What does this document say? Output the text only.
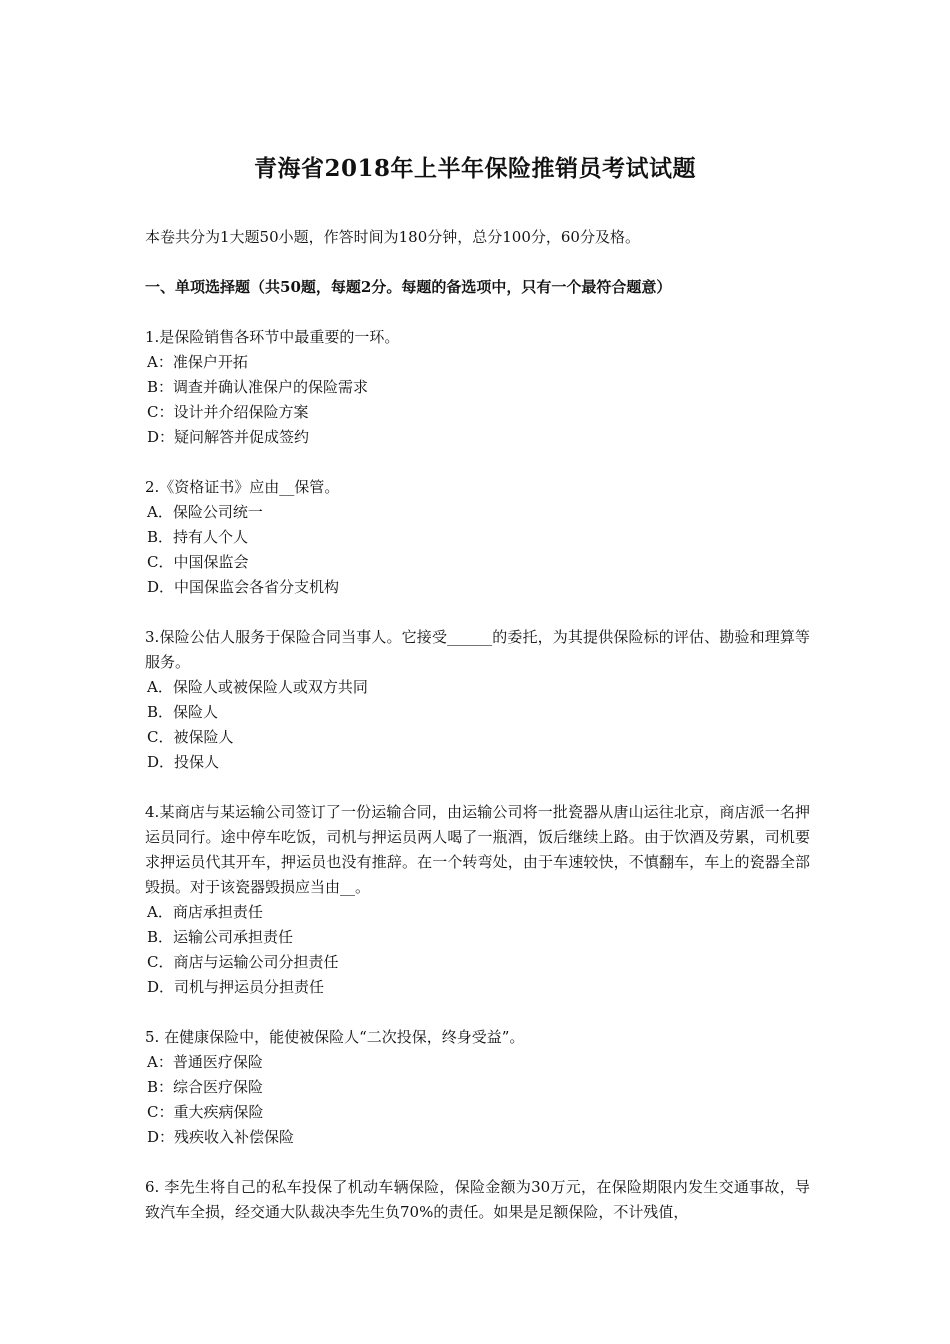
青海省2018年上半年保险推销员考试试题
本卷共分为1大题50小题，作答时间为180分钟，总分100分，60分及格。
一、单项选择题（共50题，每题2分。每题的备选项中，只有一个最符合题意）
1.是保险销售各环节中最重要的一环。
A：准保户开拓
B：调查并确认准保户的保险需求
C：设计并介绍保险方案
D：疑问解答并促成签约
2.《资格证书》应由__保管。
A．保险公司统一
B．持有人个人
C．中国保监会
D．中国保监会各省分支机构
3.保险公估人服务于保险合同当事人。它接受______的委托，为其提供保险标的评估、勘验和理算等服务。
A．保险人或被保险人或双方共同
B．保险人
C．被保险人
D．投保人
4.某商店与某运输公司签订了一份运输合同，由运输公司将一批瓷器从唐山运往北京，商店派一名押运员同行。途中停车吃饭，司机与押运员两人喝了一瓶酒，饭后继续上路。由于饮酒及劳累，司机要求押运员代其开车，押运员也没有推辞。在一个转弯处，由于车速较快，不慎翻车，车上的瓷器全部毁损。对于该瓷器毁损应当由__。
A．商店承担责任
B．运输公司承担责任
C．商店与运输公司分担责任
D．司机与押运员分担责任
5. 在健康保险中，能使被保险人“二次投保，终身受益”。
A：普通医疗保险
B：综合医疗保险
C：重大疾病保险
D：残疾收入补偿保险
6. 李先生将自己的私车投保了机动车辆保险，保险金额为30万元，在保险期限内发生交通事故，导致汽车全损，经交通大队裁决李先生负70%的责任。如果是足额保险，不计残值，
